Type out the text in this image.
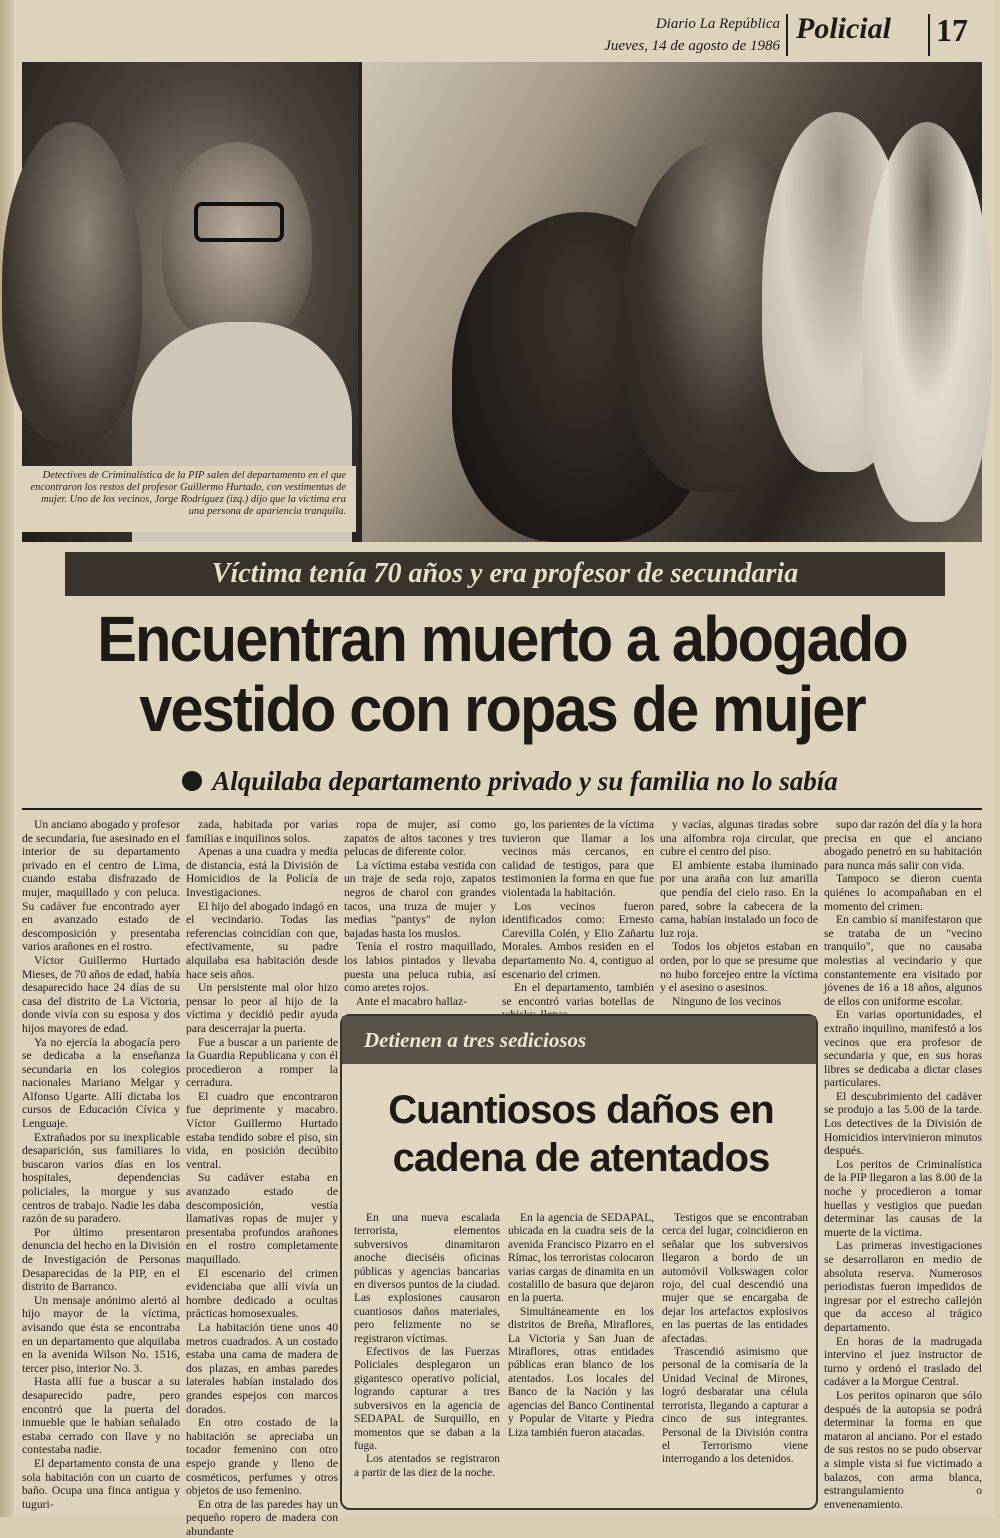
Diario La República
Jueves, 14 de agosto de 1986
Policial 17
Detectives de Criminalística de la PIP salen del departamento en el que encontraron los restos del profesor Guillermo Hurtado, con vestimentas de mujer. Uno de los vecinos, Jorge Rodríguez (izq.) dijo que la víctima era una persona de apariencia tranquila.
Víctima tenía 70 años y era profesor de secundaria
Encuentran muerto a abogado
vestido con ropas de mujer
Alquilaba departamento privado y su familia no lo sabía

Un anciano abogado y profesor de secundaria, fue asesinado en el interior de su departamento privado en el centro de Lima, cuando estaba disfrazado de mujer, maquillado y con peluca. Su cadáver fue encontrado ayer en avanzado estado de descomposición y presentaba varios arañones en el rostro.

Víctor Guillermo Hurtado Mieses, de 70 años de edad, había desaparecido hace 24 días de su casa del distrito de La Victoria, donde vivía con su esposa y dos hijos mayores de edad.

Ya no ejercía la abogacía pero se dedicaba a la enseñanza secundaria en los colegios nacionales Mariano Melgar y Alfonso Ugarte. Allí dictaba los cursos de Educación Cívica y Lenguaje.

Extrañados por su inexplicable desaparición, sus familiares lo buscaron varios días en los hospitales, dependencias policiales, la morgue y sus centros de trabajo. Nadie les daba razón de su paradero.

Por último presentaron denuncia del hecho en la División de Investigación de Personas Desaparecidas de la PIP, en el distrito de Barranco.

Un mensaje anónimo alertó al hijo mayor de la víctima, avisando que ésta se encontraba en un departamento que alquilaba en la avenida Wilson No. 1516, tercer piso, interior No. 3.

Hasta allí fue a buscar a su desaparecido padre, pero encontró que la puerta del inmueble que le habían señalado estaba cerrado con llave y no contestaba nadie.

El departamento consta de una sola habitación con un cuarto de baño. Ocupa una finca antigua y tuguri-

zada, habitada por varias familias e inquilinos solos.

Apenas a una cuadra y media de distancia, está la División de Homicidios de la Policía de Investigaciones.

El hijo del abogado indagó en el vecindario. Todas las referencias coincidían con que, efectivamente, su padre alquilaba esa habitación desde hace seis años.

Un persistente mal olor hizo pensar lo peor al hijo de la víctima y decidió pedir ayuda para descerrajar la puerta.

Fue a buscar a un pariente de la Guardia Republicana y con él procedieron a romper la cerradura.

El cuadro que encontraron fue deprimente y macabro. Víctor Guillermo Hurtado estaba tendido sobre el piso, sin vida, en posición decúbito ventral.

Su cadáver estaba en avanzado estado de descomposición, vestía llamativas ropas de mujer y presentaba profundos arañones en el rostro completamente maquillado.

El escenario del crimen evidenciaba que allí vivía un hombre dedicado a ocultas prácticas homosexuales.

La habitación tiene unos 40 metros cuadrados. A un costado estaba una cama de madera de dos plazas, en ambas paredes laterales habían instalado dos grandes espejos con marcos dorados.

En otro costado de la habitación se apreciaba un tocador femenino con otro espejo grande y lleno de cosméticos, perfumes y otros objetos de uso femenino.

En otra de las paredes hay un pequeño ropero de madera con abundante

ropa de mujer, así como zapatos de altos tacones y tres pelucas de diferente color.

La víctima estaba vestida con un traje de seda rojo, zapatos negros de charol con grandes tacos, una truza de mujer y medias "pantys" de nylon bajadas hasta los muslos.

Tenía el rostro maquillado, los labios pintados y llevaba puesta una peluca rubia, así como aretes rojos.

Ante el macabro hallaz-

go, los parientes de la víctima tuvieron que llamar a los vecinos más cercanos, en calidad de testigos, para que testimonien la forma en que fue violentada la habitación.

Los vecinos fueron identificados como: Ernesto Carevilla Colén, y Elio Zañartu Morales. Ambos residen en el departamento No. 4, contiguo al escenario del crimen.

En el departamento, también se encontró varias botellas de

y vacías, algunas tiradas sobre una alfombra roja circular, que cubre el centro del piso.

El ambiente estaba iluminado por una araña con luz amarilla que pendía del cielo raso. En la pared, sobre la cabecera de la cama, habían instalado un foco de luz roja.

Todos los objetos estaban en orden, por lo que se presume que no hubo forcejeo entre la víctima y el asesino o asesinos.

Ninguno de los vecinos

supo dar razón del día y la hora precisa en que el anciano abogado penetró en su habitación para nunca más salir con vida.

Tampoco se dieron cuenta quiénes lo acompañaban en el momento del crimen.

En cambio sí manifestaron que se trataba de un "vecino tranquilo", que no causaba molestias al vecindario y que constantemente era visitado por jóvenes de 16 a 18 años, algunos de ellos con uniforme escolar.

En varias oportunidades, el extraño inquilino, manifestó a los vecinos que era profesor de secundaria y que, en sus horas libres se dedicaba a dictar clases particulares.

El descubrimiento del cadáver se produjo a las 5.00 de la tarde. Los detectives de la División de Homicidios intervinieron minutos después.

Los peritos de Criminalística de la PIP llegaron a las 8.00 de la noche y procedieron a tomar huellas y vestigios que puedan determinar las causas de la muerte de la víctima.

Las primeras investigaciones se desarrollaron en medio de absoluta reserva. Numerosos periodistas fueron impedidos de ingresar por el estrecho callejón que da acceso al trágico departamento.

En horas de la madrugada intervino el juez instructor de turno y ordenó el traslado del cadáver a la Morgue Central.

Los peritos opinaron que sólo después de la autopsia se podrá determinar la forma en que mataron al anciano. Por el estado de sus restos no se pudo observar a simple vista si fue victimado a balazos, con arma blanca, estrangulamiento o envenenamiento.

Detienen a tres sediciosos
Cuantiosos daños en
cadena de atentados

En una nueva escalada terrorista, elementos subversivos dinamitaron anoche dieciséis oficinas públicas y agencias bancarias en diversos puntos de la ciudad. Las explosiones causaron cuantiosos daños materiales, pero felizmente no se registraron víctimas.

Efectivos de las Fuerzas Policiales desplegaron un gigantesco operativo policial, logrando capturar a tres subversivos en la agencia de SEDAPAL de Surquillo, en momentos que se daban a la fuga.

Los atentados se registraron a partir de las diez de la noche.

En la agencia de SEDAPAL, ubicada en la cuadra seis de la avenida Francisco Pizarro en el Rímac, los terroristas colocaron varias cargas de dinamita en un costalillo de basura que dejaron en la puerta.

Simultáneamente en los distritos de Breña, Miraflores, La Victoria y San Juan de Miraflores, otras entidades públicas eran blanco de los atentados. Los locales del Banco de la Nación y las agencias del Banco Continental y Popular de Vitarte y Piedra Liza también fueron atacadas.

Testigos que se encontraban cerca del lugar, coincidieron en señalar que los subversivos llegaron a bordo de un automóvil Volkswagen color rojo, del cual descendió una mujer que se encargaba de dejar los artefactos explosivos en las puertas de las entidades afectadas.

Trascendió asimismo que personal de la comisaría de la Unidad Vecinal de Mirones, logró desbaratar una célula terrorista, llegando a capturar a cinco de sus integrantes. Personal de la División contra el Terrorismo viene interrogando a los detenidos.
